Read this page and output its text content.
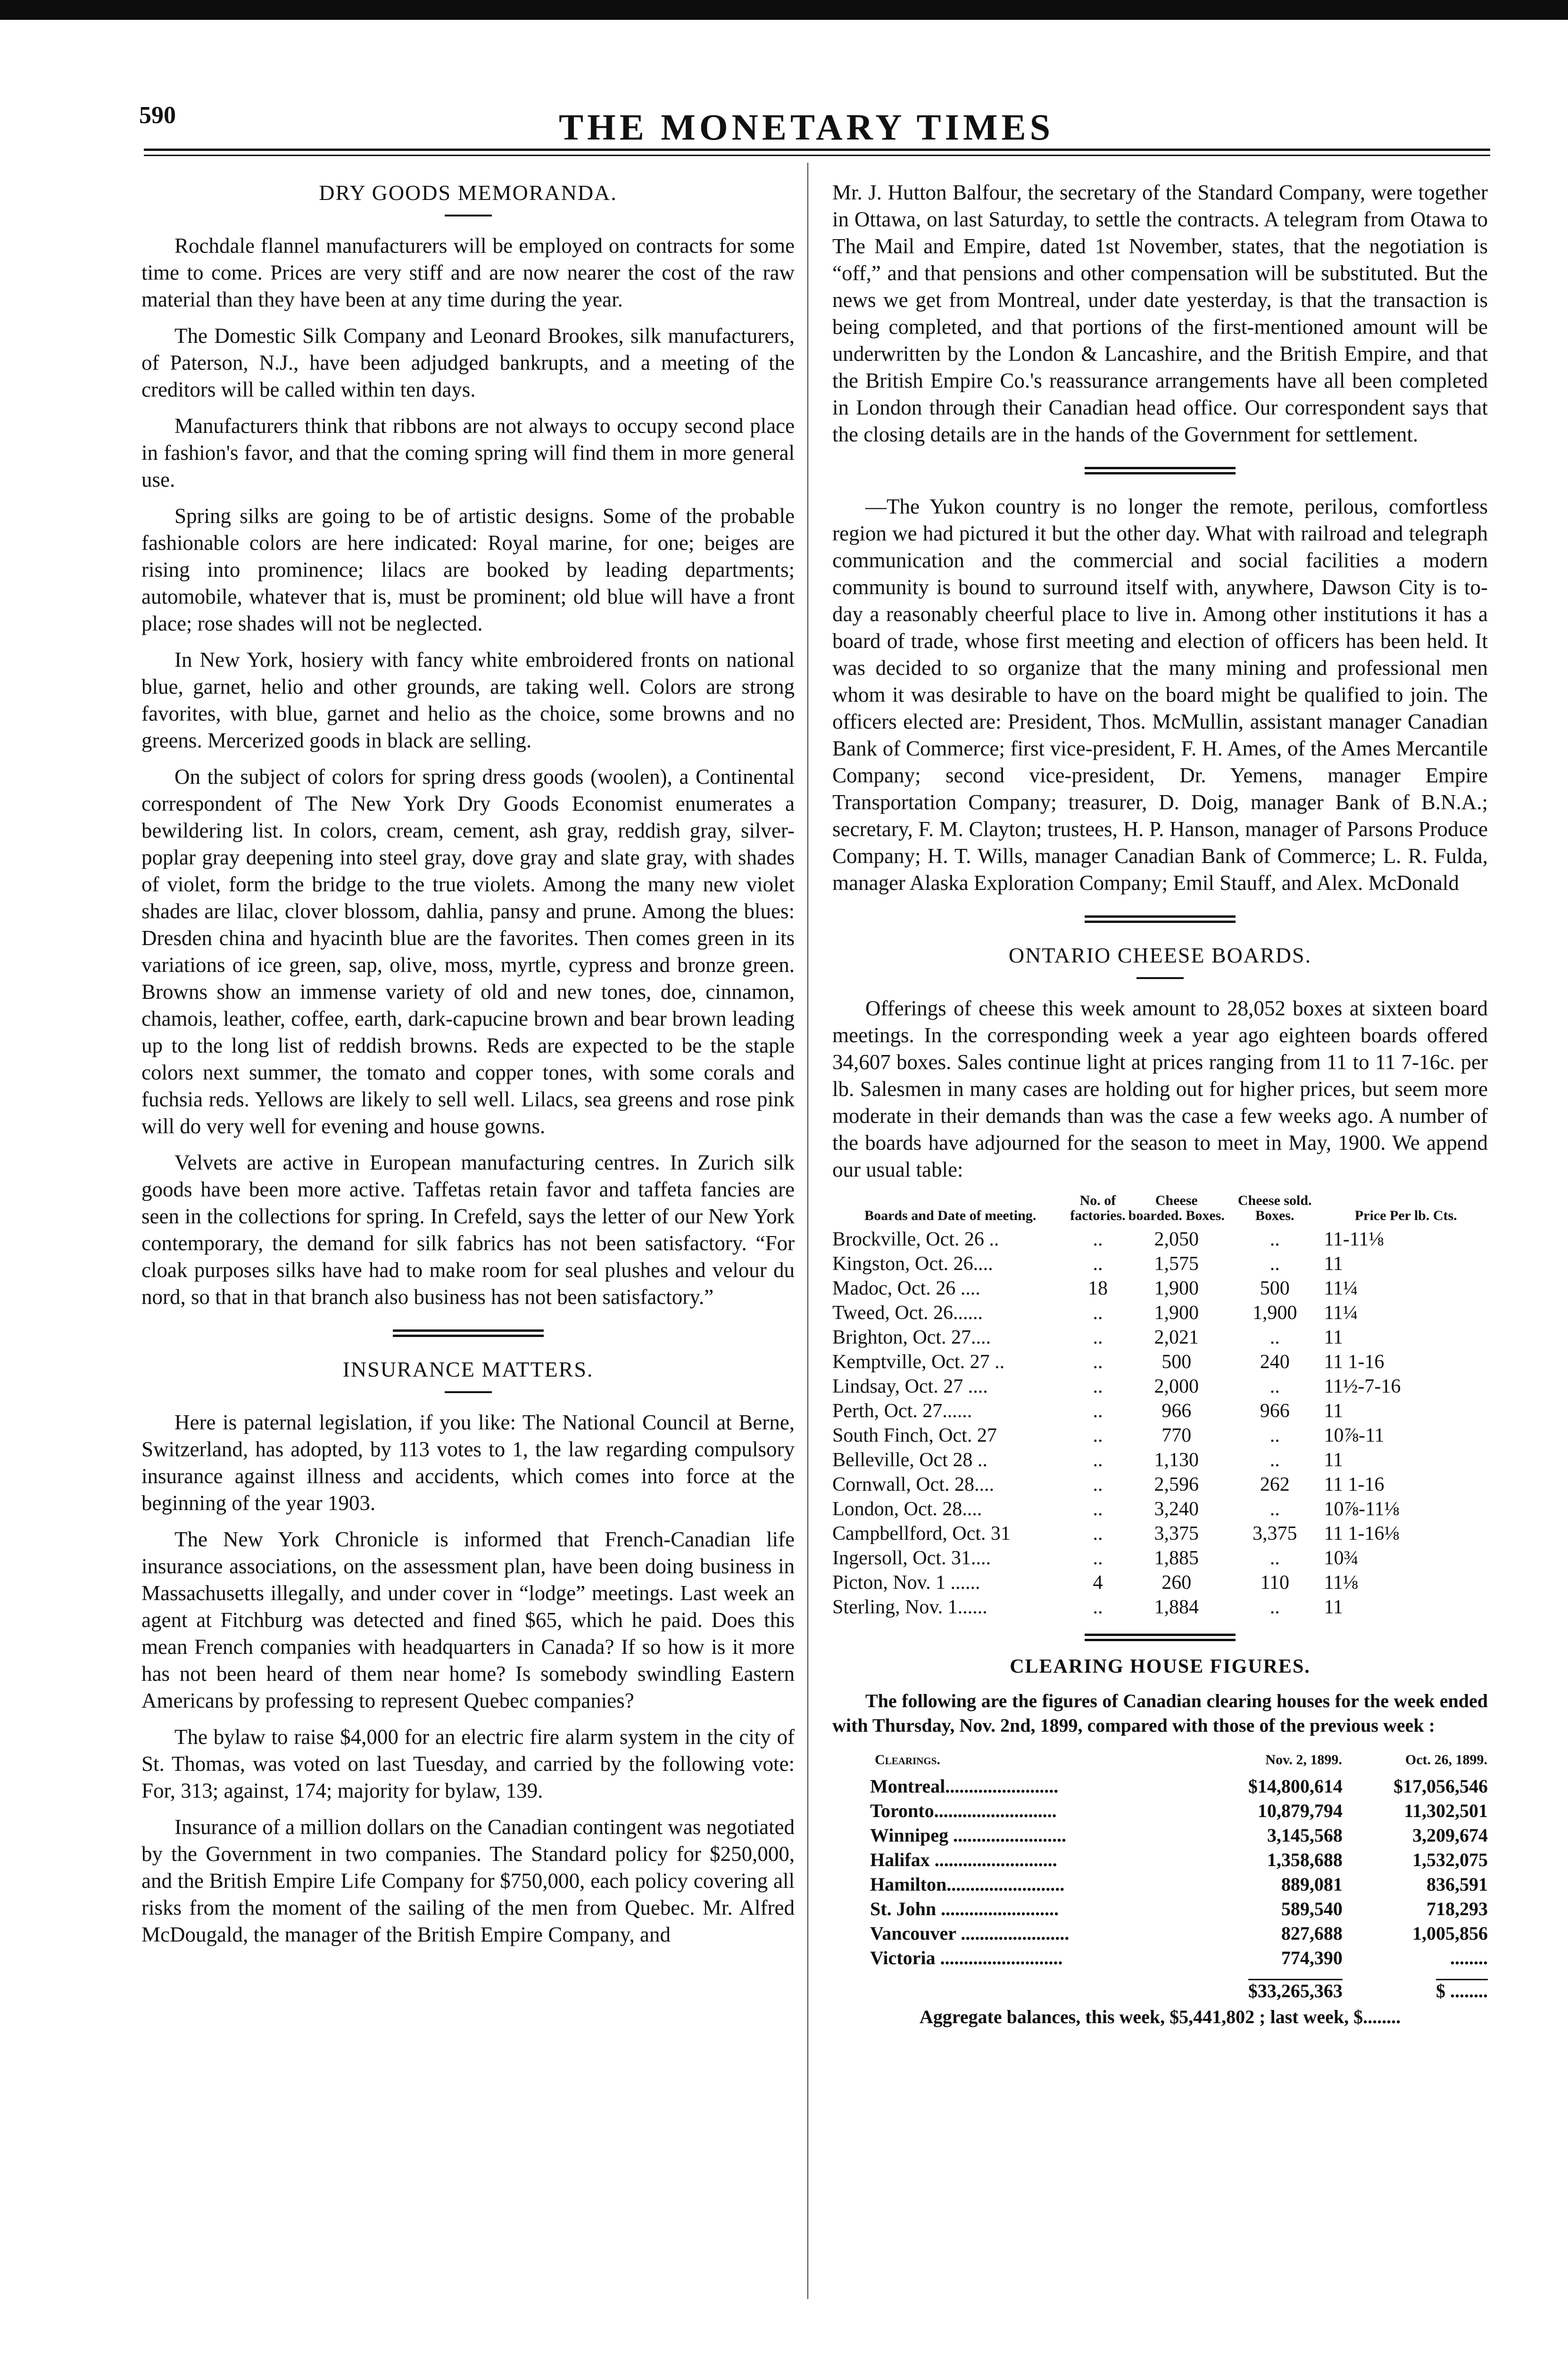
590	THE MONETARY TIMES
DRY GOODS MEMORANDA.

Rochdale flannel manufacturers will be employed on contracts for some time to come. Prices are very stiff and are now nearer the cost of the raw material than they have been at any time during the year.

The Domestic Silk Company and Leonard Brookes, silk manufacturers, of Paterson, N.J., have been adjudged bankrupts, and a meeting of the creditors will be called within ten days.

Manufacturers think that ribbons are not always to occupy second place in fashion's favor, and that the coming spring will find them in more general use.

Spring silks are going to be of artistic designs. Some of the probable fashionable colors are here indicated: Royal marine, for one; beiges are rising into prominence; lilacs are booked by leading departments; automobile, whatever that is, must be prominent; old blue will have a front place; rose shades will not be neglected.

In New York, hosiery with fancy white embroidered fronts on national blue, garnet, helio and other grounds, are taking well. Colors are strong favorites, with blue, garnet and helio as the choice, some browns and no greens. Mercerized goods in black are selling.

On the subject of colors for spring dress goods (woolen), a Continental correspondent of The New York Dry Goods Economist enumerates a bewildering list. In colors, cream, cement, ash gray, reddish gray, silver-poplar gray deepening into steel gray, dove gray and slate gray, with shades of violet, form the bridge to the true violets. Among the many new violet shades are lilac, clover blossom, dahlia, pansy and prune. Among the blues: Dresden china and hyacinth blue are the favorites. Then comes green in its variations of ice green, sap, olive, moss, myrtle, cypress and bronze green. Browns show an immense variety of old and new tones, doe, cinnamon, chamois, leather, coffee, earth, dark-capucine brown and bear brown leading up to the long list of reddish browns. Reds are expected to be the staple colors next summer, the tomato and copper tones, with some corals and fuchsia reds. Yellows are likely to sell well. Lilacs, sea greens and rose pink will do very well for evening and house gowns.

Velvets are active in European manufacturing centres. In Zurich silk goods have been more active. Taffetas retain favor and taffeta fancies are seen in the collections for spring. In Crefeld, says the letter of our New York contemporary, the demand for silk fabrics has not been satisfactory. “For cloak purposes silks have had to make room for seal plushes and velour du nord, so that in that branch also business has not been satisfactory.”

INSURANCE MATTERS.

Here is paternal legislation, if you like: The National Council at Berne, Switzerland, has adopted, by 113 votes to 1, the law regarding compulsory insurance against illness and accidents, which comes into force at the beginning of the year 1903.

The New York Chronicle is informed that French-Canadian life insurance associations, on the assessment plan, have been doing business in Massachusetts illegally, and under cover in “lodge” meetings. Last week an agent at Fitchburg was detected and fined $65, which he paid. Does this mean French companies with headquarters in Canada? If so how is it more has not been heard of them near home? Is somebody swindling Eastern Americans by professing to represent Quebec companies?

The bylaw to raise $4,000 for an electric fire alarm system in the city of St. Thomas, was voted on last Tuesday, and carried by the following vote: For, 313; against, 174; majority for bylaw, 139.

Insurance of a million dollars on the Canadian contingent was negotiated by the Government in two companies. The Standard policy for $250,000, and the British Empire Life Company for $750,000, each policy covering all risks from the moment of the sailing of the men from Quebec. Mr. Alfred McDougald, the manager of the British Empire Company, and

Mr. J. Hutton Balfour, the secretary of the Standard Company, were together in Ottawa, on last Saturday, to settle the contracts. A telegram from Otawa to The Mail and Empire, dated 1st November, states, that the negotiation is “off,” and that pensions and other compensation will be substituted. But the news we get from Montreal, under date yesterday, is that the transaction is being completed, and that portions of the first-mentioned amount will be underwritten by the London & Lancashire, and the British Empire, and that the British Empire Co.'s reassurance arrangements have all been completed in London through their Canadian head office. Our correspondent says that the closing details are in the hands of the Government for settlement.

—The Yukon country is no longer the remote, perilous, comfortless region we had pictured it but the other day. What with railroad and telegraph communication and the commercial and social facilities a modern community is bound to surround itself with, anywhere, Dawson City is to-day a reasonably cheerful place to live in. Among other institutions it has a board of trade, whose first meeting and election of officers has been held. It was decided to so organize that the many mining and professional men whom it was desirable to have on the board might be qualified to join. The officers elected are: President, Thos. McMullin, assistant manager Canadian Bank of Commerce; first vice-president, F. H. Ames, of the Ames Mercantile Company; second vice-president, Dr. Yemens, manager Empire Transportation Company; treasurer, D. Doig, manager Bank of B.N.A.; secretary, F. M. Clayton; trustees, H. P. Hanson, manager of Parsons Produce Company; H. T. Wills, manager Canadian Bank of Commerce; L. R. Fulda, manager Alaska Exploration Company; Emil Stauff, and Alex. McDonald

ONTARIO CHEESE BOARDS.

Offerings of cheese this week amount to 28,052 boxes at sixteen board meetings. In the corresponding week a year ago eighteen boards offered 34,607 boxes. Sales continue light at prices ranging from 11 to 11 7-16c. per lb. Salesmen in many cases are holding out for higher prices, but seem more moderate in their demands than was the case a few weeks ago. A number of the boards have adjourned for the season to meet in May, 1900. We append our usual table:

Boards and Date of meeting.	No. of factories.	Cheese boarded. Boxes.	Cheese sold. Boxes.	Price Per lb. Cts.
Brockville, Oct. 26 ..	..	2,050	..	11-11⅛
Kingston, Oct. 26....	..	1,575	..	11
Madoc, Oct. 26 ....	18	1,900	500	11¼
Tweed, Oct. 26......	..	1,900	1,900	11¼
Brighton, Oct. 27....	..	2,021	..	11
Kemptville, Oct. 27 ..	..	500	240	11 1-16
Lindsay, Oct. 27 ....	..	2,000	..	11½-7-16
Perth, Oct. 27......	..	966	966	11
South Finch, Oct. 27	..	770	..	10⅞-11
Belleville, Oct 28 ..	..	1,130	..	11
Cornwall, Oct. 28....	..	2,596	262	11 1-16
London, Oct. 28....	..	3,240	..	10⅞-11⅛
Campbellford, Oct. 31	..	3,375	3,375	11 1-16⅛
Ingersoll, Oct. 31....	..	1,885	..	10¾
Picton, Nov. 1 ......	4	260	110	11⅛
Sterling, Nov. 1......	..	1,884	..	11
CLEARING HOUSE FIGURES.

The following are the figures of Canadian clearing houses for the week ended with Thursday, Nov. 2nd, 1899, compared with those of the previous week :

Clearings.	Nov. 2, 1899.	Oct. 26, 1899.
Montreal........................	$14,800,614	$17,056,546
Toronto..........................	10,879,794	11,302,501
Winnipeg ........................	3,145,568	3,209,674
Halifax ..........................	1,358,688	1,532,075
Hamilton.........................	889,081	836,591
St. John .........................	589,540	718,293
Vancouver .......................	827,688	1,005,856
Victoria ..........................	774,390	........
	$33,265,363	$ ........

Aggregate balances, this week, $5,441,802 ; last week, $........
